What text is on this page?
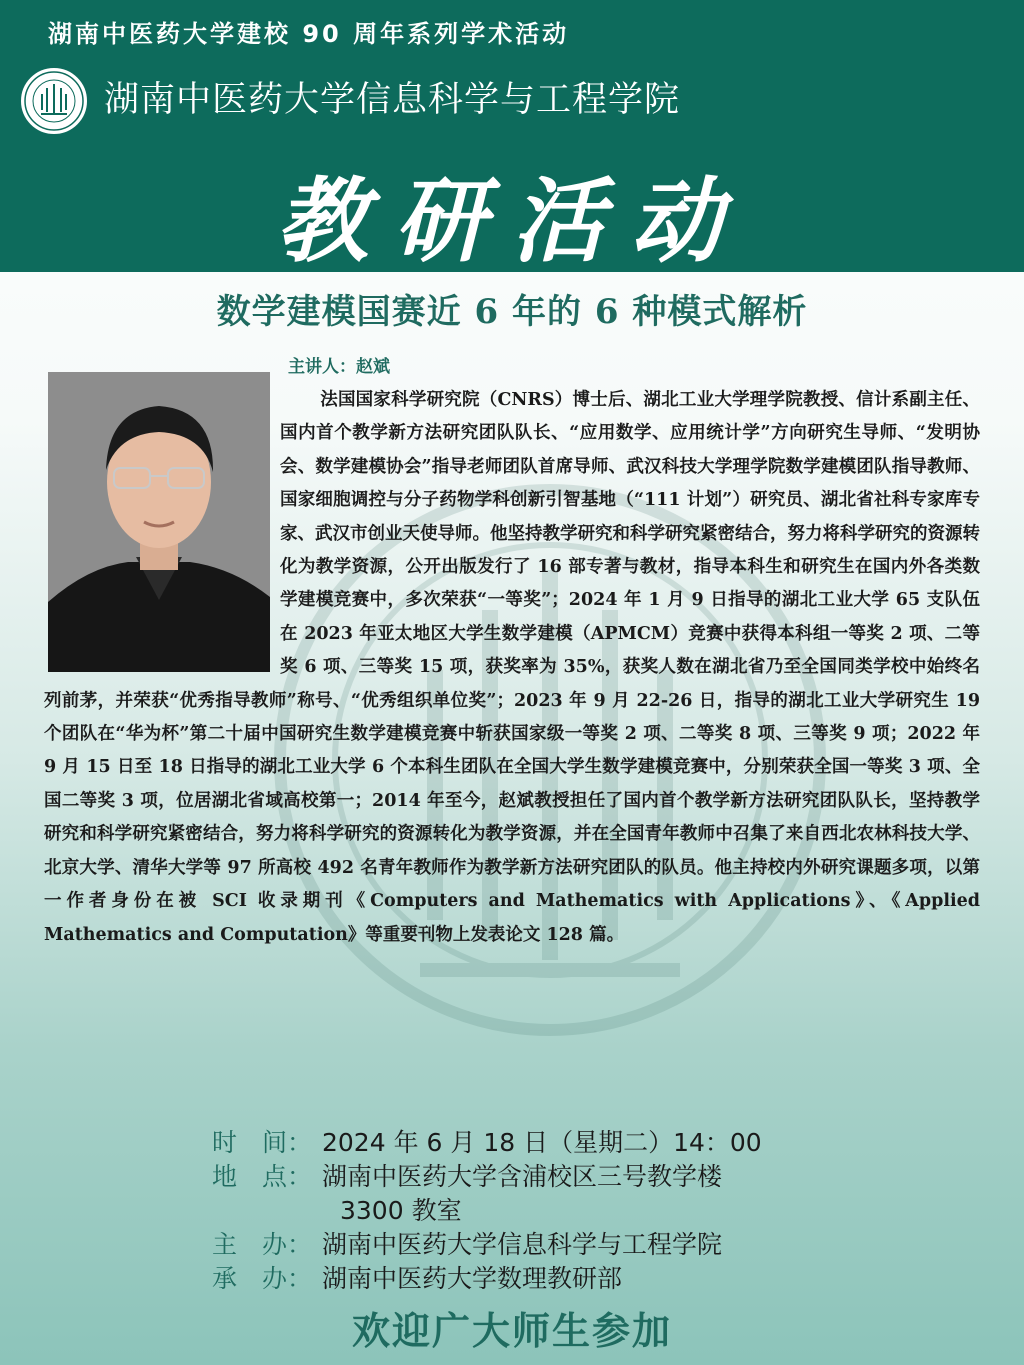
湖南中医药大学建校 90 周年系列学术活动
湖南中医药大学信息科学与工程学院
教研活动
数学建模国赛近 6 年的 6 种模式解析
主讲人：赵斌
法国国家科学研究院（CNRS）博士后、湖北工业大学理学院教授、信计系副主任、国内首个教学新方法研究团队队长、“应用数学、应用统计学”方向研究生导师、“发明协会、数学建模协会”指导老师团队首席导师、武汉科技大学理学院数学建模团队指导教师、国家细胞调控与分子药物学科创新引智基地（“111 计划”）研究员、湖北省社科专家库专家、武汉市创业天使导师。他坚持教学研究和科学研究紧密结合，努力将科学研究的资源转化为教学资源，公开出版发行了 16 部专著与教材，指导本科生和研究生在国内外各类数学建模竞赛中，多次荣获“一等奖”；2024 年 1 月 9 日指导的湖北工业大学 65 支队伍在 2023 年亚太地区大学生数学建模（APMCM）竞赛中获得本科组一等奖 2 项、二等奖 6 项、三等奖 15 项，获奖率为 35%，获奖人数在湖北省乃至全国同类学校中始终名列前茅，并荣获“优秀指导教师”称号、“优秀组织单位奖”；2023 年 9 月 22-26 日，指导的湖北工业大学研究生 19 个团队在“华为杯”第二十届中国研究生数学建模竞赛中斩获国家级一等奖 2 项、二等奖 8 项、三等奖 9 项；2022 年 9 月 15 日至 18 日指导的湖北工业大学 6 个本科生团队在全国大学生数学建模竞赛中，分别荣获全国一等奖 3 项、全国二等奖 3 项，位居湖北省域高校第一；2014 年至今，赵斌教授担任了国内首个教学新方法研究团队队长，坚持教学研究和科学研究紧密结合，努力将科学研究的资源转化为教学资源，并在全国青年教师中召集了来自西北农林科技大学、北京大学、清华大学等 97 所高校 492 名青年教师作为教学新方法研究团队的队员。他主持校内外研究课题多项，以第一作者身份在被 SCI 收录期刊《Computers and Mathematics with Applications》、《Applied Mathematics and Computation》等重要刊物上发表论文 128 篇。
时　间： 2024 年 6 月 18 日（星期二）14：00
地　点： 湖南中医药大学含浦校区三号教学楼
3300 教室
主　办： 湖南中医药大学信息科学与工程学院
承　办： 湖南中医药大学数理教研部
欢迎广大师生参加
